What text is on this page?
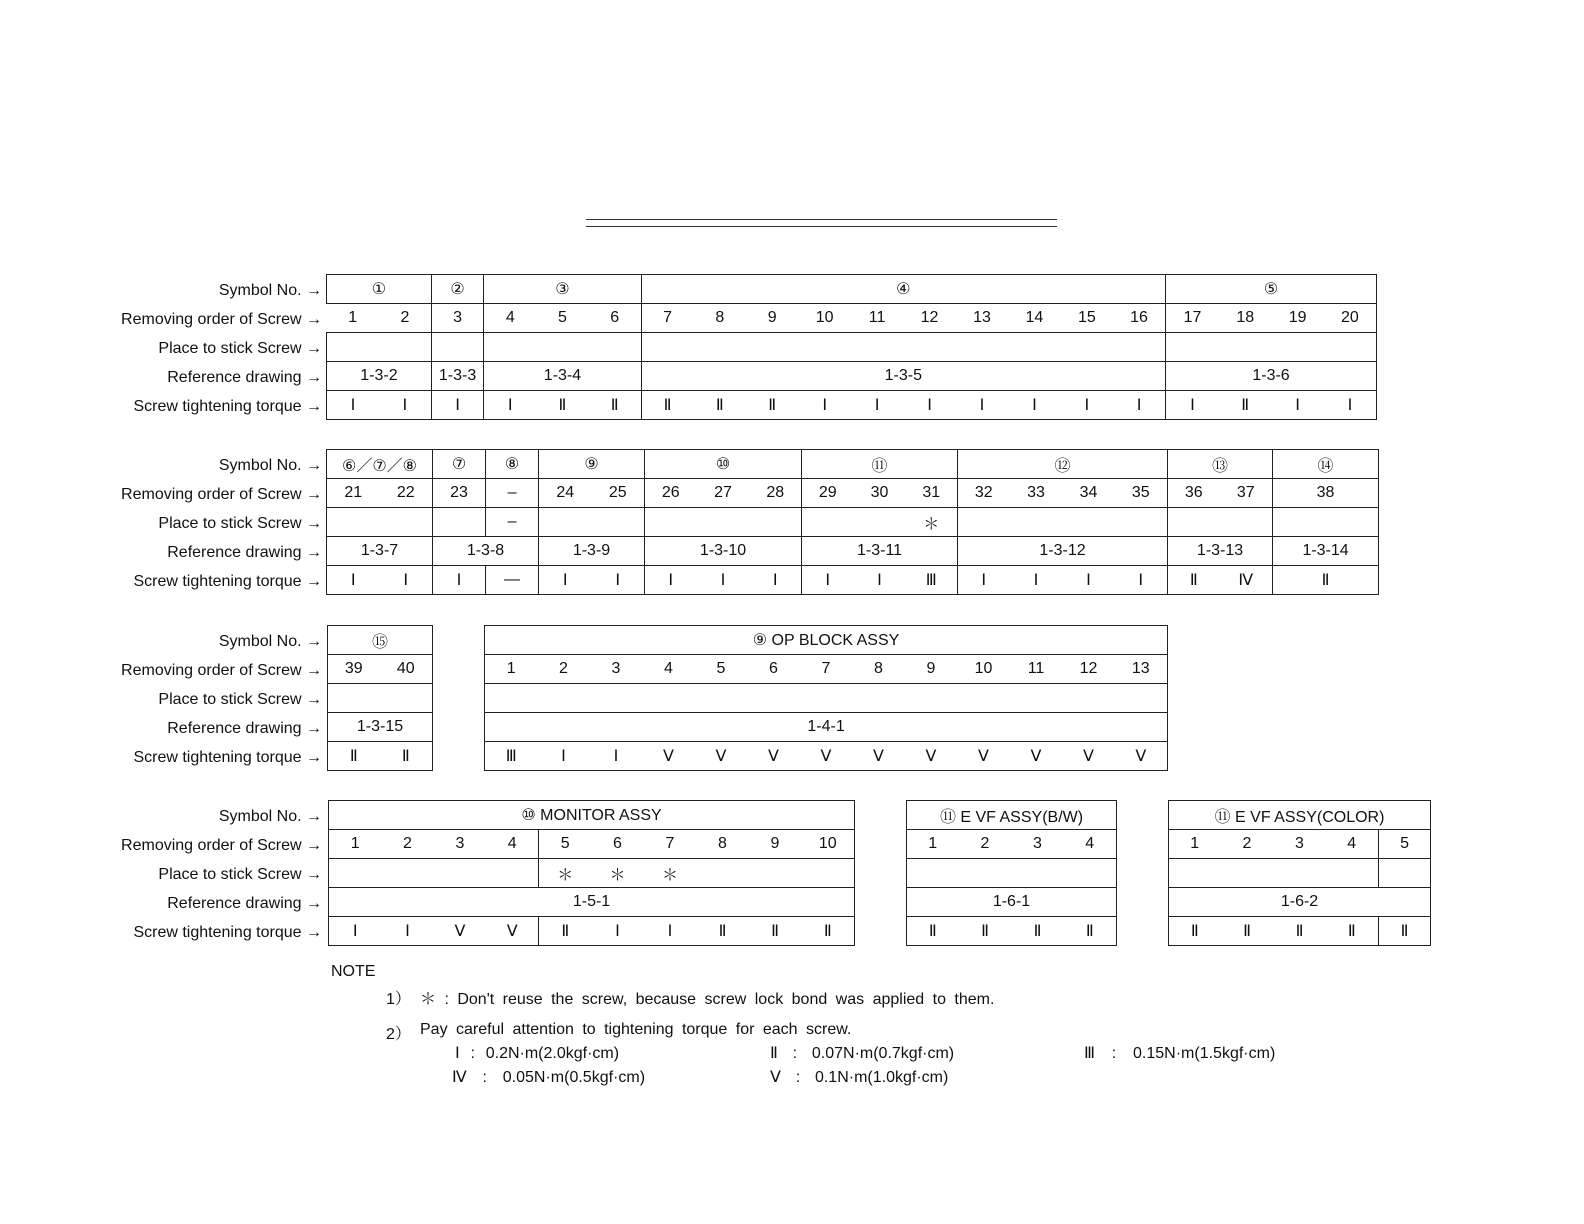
Symbol No. →
Removing order of Screw →
Place to stick Screw →
Reference drawing →
Screw tightening torque →
①		②	③			④										⑤			
1	2	3	4	5	6	7	8	9	10	11	12	13	14	15	16	17	18	19	20

1-3-2		1-3-3	1-3-4			1-3-5										1-3-6			
Ⅰ	Ⅰ	Ⅰ	Ⅰ	Ⅱ	Ⅱ	Ⅱ	Ⅱ	Ⅱ	Ⅰ	Ⅰ	Ⅰ	Ⅰ	Ⅰ	Ⅰ	Ⅰ	Ⅰ	Ⅱ	Ⅰ	Ⅰ
Symbol No. →
Removing order of Screw →
Place to stick Screw →
Reference drawing →
Screw tightening torque →
⑥／⑦／⑧		⑦	⑧	⑨		⑩			⑪			⑫				⑬		⑭
21	22	23	–	24	25	26	27	28	29	30	31	32	33	34	35	36	37	38
			–								＊							
1-3-7		1-3-8		1-3-9		1-3-10			1-3-11			1-3-12				1-3-13		1-3-14
Ⅰ	Ⅰ	Ⅰ	—	Ⅰ	Ⅰ	Ⅰ	Ⅰ	Ⅰ	Ⅰ	Ⅰ	Ⅲ	Ⅰ	Ⅰ	Ⅰ	Ⅰ	Ⅱ	Ⅳ	Ⅱ
Symbol No. →
Removing order of Screw →
Place to stick Screw →
Reference drawing →
Screw tightening torque →
⑮	
39	40

1-3-15	
Ⅱ	Ⅱ
⑨ OP BLOCK ASSY												
1	2	3	4	5	6	7	8	9	10	11	12	13

1-4-1												
Ⅲ	Ⅰ	Ⅰ	Ⅴ	Ⅴ	Ⅴ	Ⅴ	Ⅴ	Ⅴ	Ⅴ	Ⅴ	Ⅴ	Ⅴ
Symbol No. →
Removing order of Screw →
Place to stick Screw →
Reference drawing →
Screw tightening torque →
⑩ MONITOR ASSY									
1	2	3	4	5	6	7	8	9	10
				＊	＊	＊			
1-5-1									
Ⅰ	Ⅰ	Ⅴ	Ⅴ	Ⅱ	Ⅰ	Ⅰ	Ⅱ	Ⅱ	Ⅱ
⑪ E VF ASSY(B/W)			
1	2	3	4

1-6-1			
Ⅱ	Ⅱ	Ⅱ	Ⅱ
⑪ E VF ASSY(COLOR)				
1	2	3	4	5

1-6-2				
Ⅱ	Ⅱ	Ⅱ	Ⅱ	Ⅱ
NOTE
1） ＊ : Don't reuse the screw, because screw lock bond was applied to them.
2） Pay careful attention to tightening torque for each screw.
Ⅰ : 0.2N·m(2.0kgf·cm)	Ⅱ : 0.07N·m(0.7kgf·cm)	Ⅲ : 0.15N·m(1.5kgf·cm)
Ⅳ : 0.05N·m(0.5kgf·cm)	Ⅴ : 0.1N·m(1.0kgf·cm)
